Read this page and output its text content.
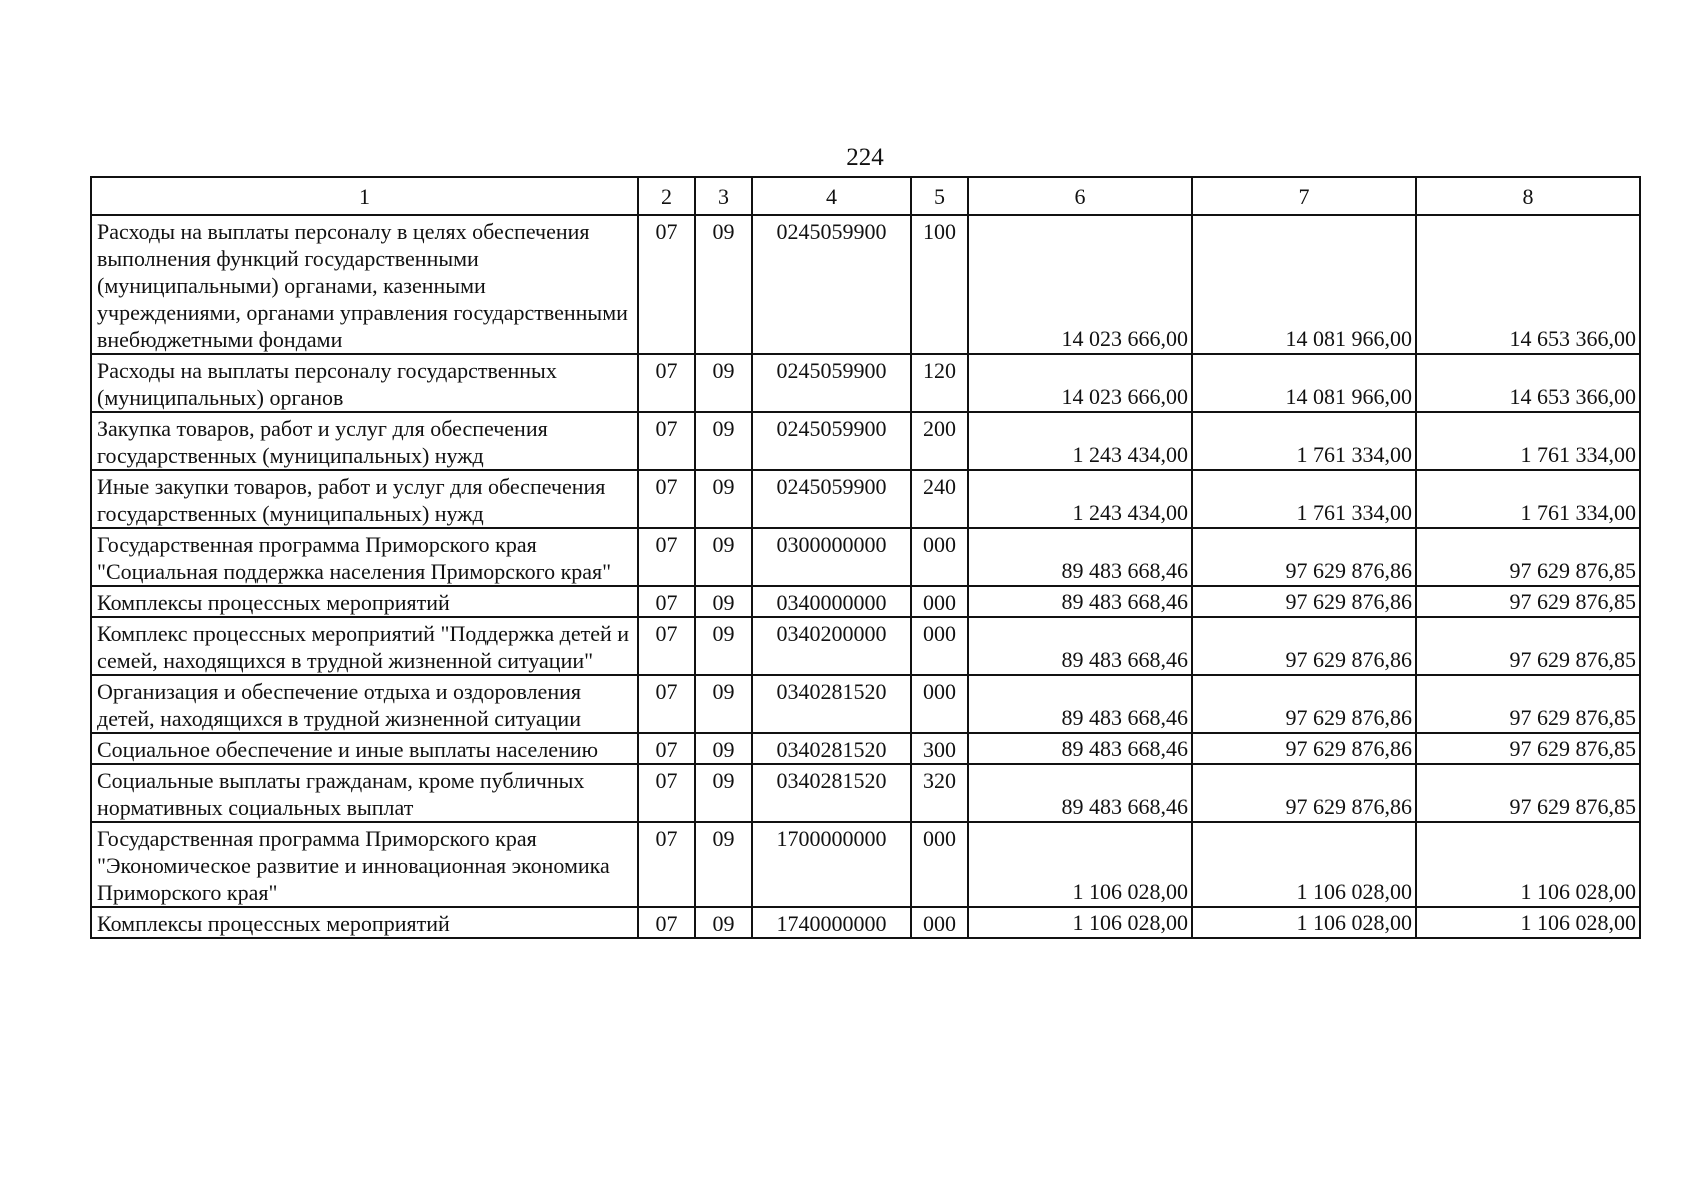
224
1	2	3	4	5	6	7	8
Расходы на выплаты персоналу в целях обеспечения выполнения функций государственными (муниципальными) органами, казенными учреждениями, органами управления государственными внебюджетными фондами	07	09	0245059900	100	14 023 666,00	14 081 966,00	14 653 366,00
Расходы на выплаты персоналу государственных (муниципальных) органов	07	09	0245059900	120	14 023 666,00	14 081 966,00	14 653 366,00
Закупка товаров, работ и услуг для обеспечения государственных (муниципальных) нужд	07	09	0245059900	200	1 243 434,00	1 761 334,00	1 761 334,00
Иные закупки товаров, работ и услуг для обеспечения государственных (муниципальных) нужд	07	09	0245059900	240	1 243 434,00	1 761 334,00	1 761 334,00
Государственная программа Приморского края "Социальная поддержка населения Приморского края"	07	09	0300000000	000	89 483 668,46	97 629 876,86	97 629 876,85
Комплексы процессных мероприятий	07	09	0340000000	000	89 483 668,46	97 629 876,86	97 629 876,85
Комплекс процессных мероприятий "Поддержка детей и семей, находящихся в трудной жизненной ситуации"	07	09	0340200000	000	89 483 668,46	97 629 876,86	97 629 876,85
Организация и обеспечение отдыха и оздоровления детей, находящихся в трудной жизненной ситуации	07	09	0340281520	000	89 483 668,46	97 629 876,86	97 629 876,85
Социальное обеспечение и иные выплаты населению	07	09	0340281520	300	89 483 668,46	97 629 876,86	97 629 876,85
Социальные выплаты гражданам, кроме публичных нормативных социальных выплат	07	09	0340281520	320	89 483 668,46	97 629 876,86	97 629 876,85
Государственная программа Приморского края "Экономическое развитие и инновационная экономика Приморского края"	07	09	1700000000	000	1 106 028,00	1 106 028,00	1 106 028,00
Комплексы процессных мероприятий	07	09	1740000000	000	1 106 028,00	1 106 028,00	1 106 028,00
